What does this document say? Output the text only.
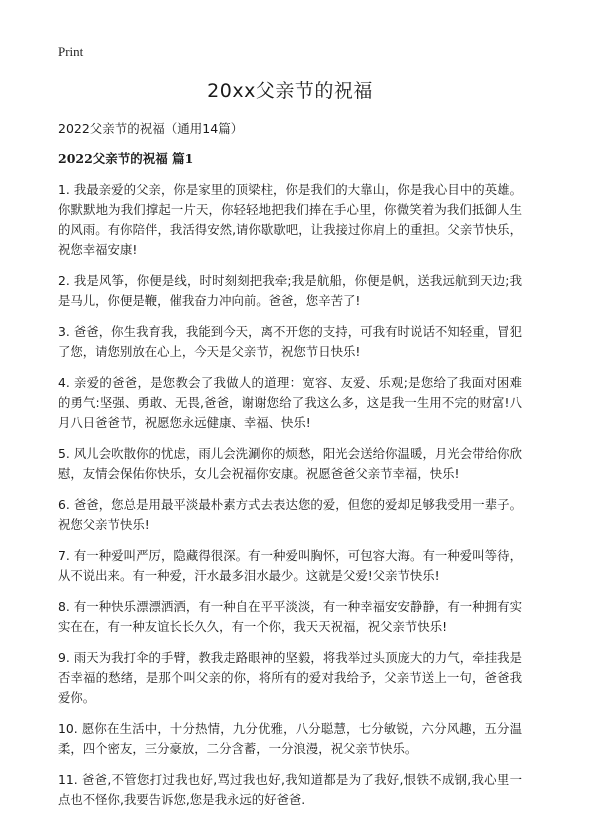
Print
20xx父亲节的祝福
2022父亲节的祝福（通用14篇）
2022父亲节的祝福 篇1

1. 我最亲爱的父亲，你是家里的顶梁柱，你是我们的大靠山，你是我心目中的英雄。你默默地为我们撑起一片天，你轻轻地把我们捧在手心里，你微笑着为我们抵御人生的风雨。有你陪伴，我活得安然,请你歇歇吧，让我接过你肩上的重担。父亲节快乐，祝您幸福安康!

2. 我是风筝，你便是线，时时刻刻把我牵;我是航船，你便是帆，送我远航到天边;我是马儿，你便是鞭，催我奋力冲向前。爸爸，您辛苦了!

3. 爸爸，你生我育我，我能到今天，离不开您的支持，可我有时说话不知轻重，冒犯了您，请您别放在心上，今天是父亲节，祝您节日快乐!

4. 亲爱的爸爸，是您教会了我做人的道理：宽容、友爱、乐观;是您给了我面对困难的勇气:坚强、勇敢、无畏,爸爸，谢谢您给了我这么多，这是我一生用不完的财富!八月八日爸爸节，祝愿您永远健康、幸福、快乐!

5. 风儿会吹散你的忧虑，雨儿会洗涮你的烦愁，阳光会送给你温暖，月光会带给你欣慰，友情会保佑你快乐，女儿会祝福你安康。祝愿爸爸父亲节幸福，快乐!

6. 爸爸，您总是用最平淡最朴素方式去表达您的爱，但您的爱却足够我受用一辈子。祝您父亲节快乐!

7. 有一种爱叫严厉，隐藏得很深。有一种爱叫胸怀，可包容大海。有一种爱叫等待，从不说出来。有一种爱，汗水最多泪水最少。这就是父爱!父亲节快乐!

8. 有一种快乐漂漂洒洒，有一种自在平平淡淡，有一种幸福安安静静，有一种拥有实实在在，有一种友谊长长久久，有一个你，我天天祝福，祝父亲节快乐!

9. 雨天为我打伞的手臂，教我走路眼神的坚毅，将我举过头顶庞大的力气，牵挂我是否幸福的愁绪，是那个叫父亲的你，将所有的爱对我给予，父亲节送上一句，爸爸我爱你。

10. 愿你在生活中，十分热情，九分优雅，八分聪慧，七分敏锐，六分风趣，五分温柔，四个密友，三分豪放，二分含蓄，一分浪漫，祝父亲节快乐。

11. 爸爸,不管您打过我也好,骂过我也好,我知道都是为了我好,恨铁不成钢,我心里一点也不怪你,我要告诉您,您是我永远的好爸爸.
